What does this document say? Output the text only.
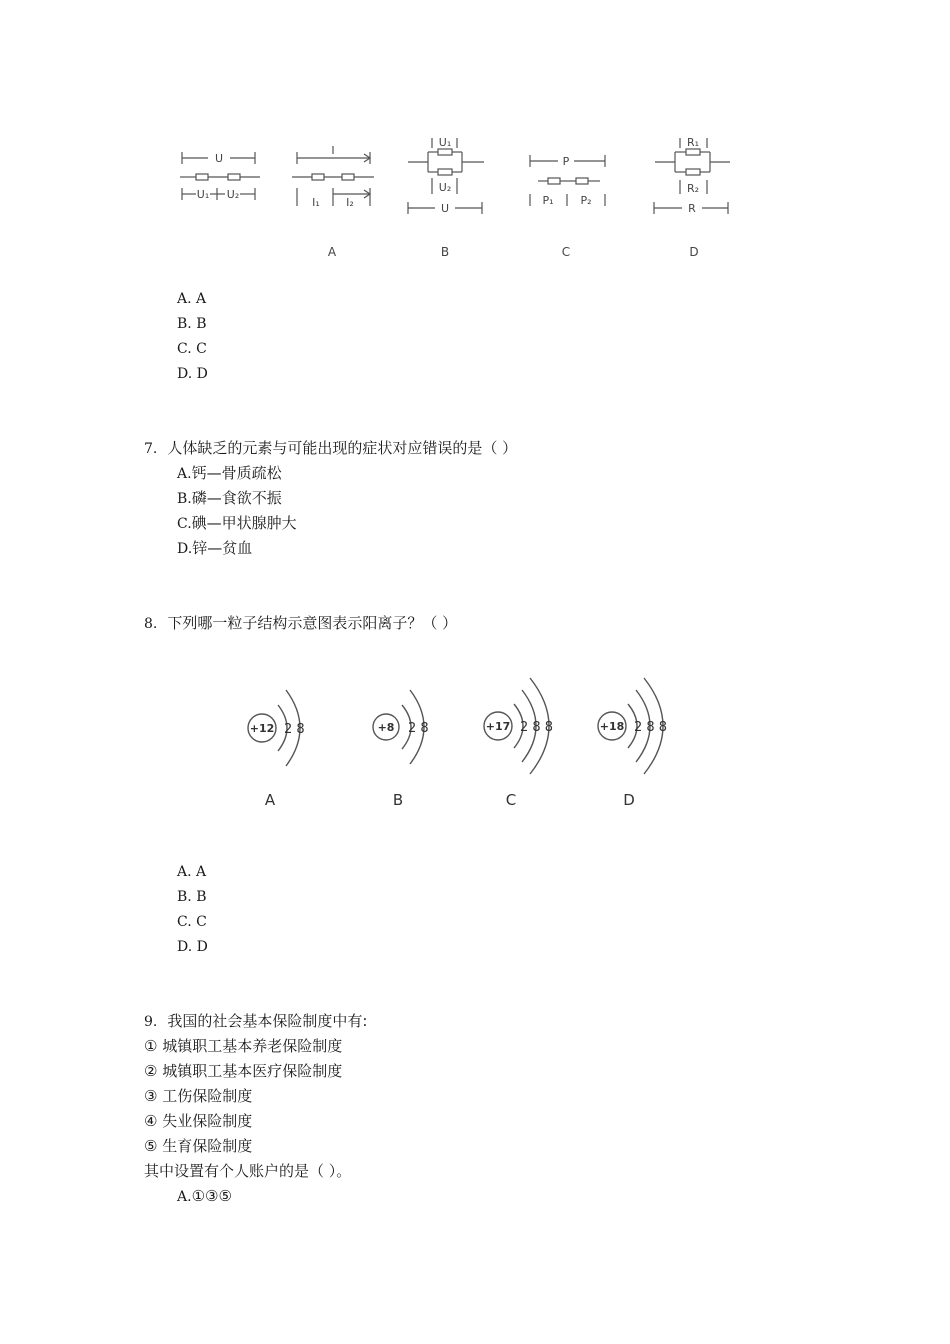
U
U₁ U₂
I
I₁ I₂
U₁
U₂
U
P
P₁ P₂
R₁
R₂
R
A	B	C	D
A. A
B. B
C. C
D. D
7. 人体缺乏的元素与可能出现的症状对应错误的是（ ）
A.钙—骨质疏松
B.磷—食欲不振
C.碘—甲状腺肿大
D.锌—贫血
8. 下列哪一粒子结构示意图表示阳离子？（ ）
+12	+8	+17	+18
2 8	2 8	2 8 8	2 8 8
A	B	C	D
A. A
B. B
C. C
D. D
9. 我国的社会基本保险制度中有:
① 城镇职工基本养老保险制度
② 城镇职工基本医疗保险制度
③ 工伤保险制度
④ 失业保险制度
⑤ 生育保险制度
其中设置有个人账户的是（ ）。
A.①③⑤
